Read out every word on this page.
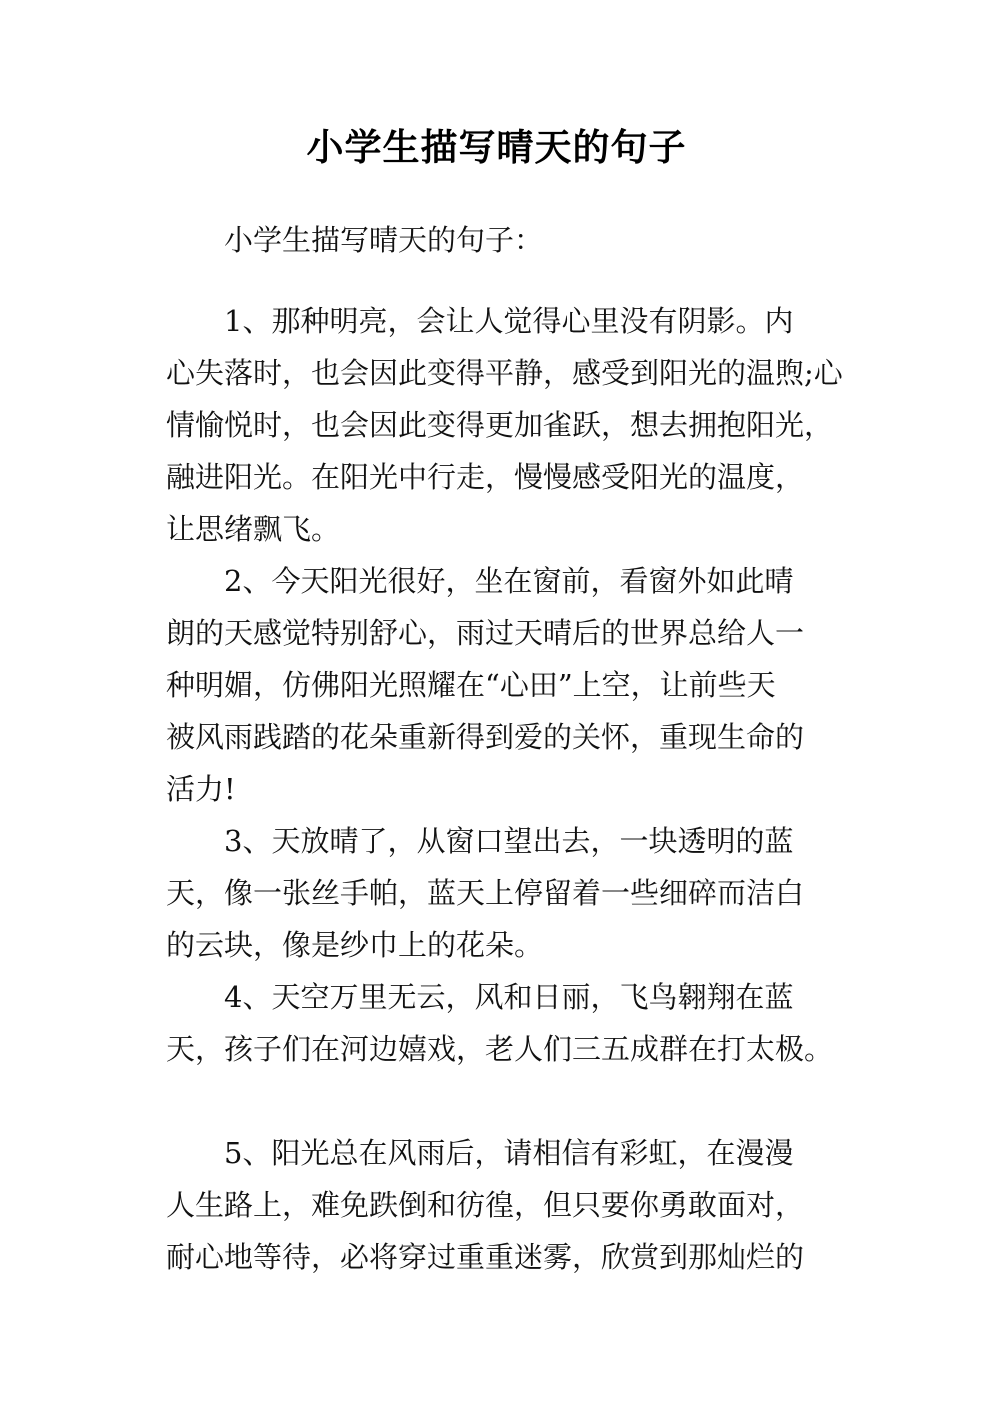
小学生描写晴天的句子

小学生描写晴天的句子：

1、那种明亮，会让人觉得心里没有阴影。内

心失落时，也会因此变得平静，感受到阳光的温煦;心

情愉悦时，也会因此变得更加雀跃，想去拥抱阳光，

融进阳光。在阳光中行走，慢慢感受阳光的温度，

让思绪飘飞。

2、今天阳光很好，坐在窗前，看窗外如此晴

朗的天感觉特别舒心，雨过天晴后的世界总给人一

种明媚，仿佛阳光照耀在“心田”上空，让前些天

被风雨践踏的花朵重新得到爱的关怀，重现生命的

活力!

3、天放晴了，从窗口望出去，一块透明的蓝

天，像一张丝手帕，蓝天上停留着一些细碎而洁白

的云块，像是纱巾上的花朵。

4、天空万里无云，风和日丽，飞鸟翱翔在蓝

天，孩子们在河边嬉戏，老人们三五成群在打太极。

5、阳光总在风雨后，请相信有彩虹，在漫漫

人生路上，难免跌倒和彷徨，但只要你勇敢面对，

耐心地等待，必将穿过重重迷雾，欣赏到那灿烂的
